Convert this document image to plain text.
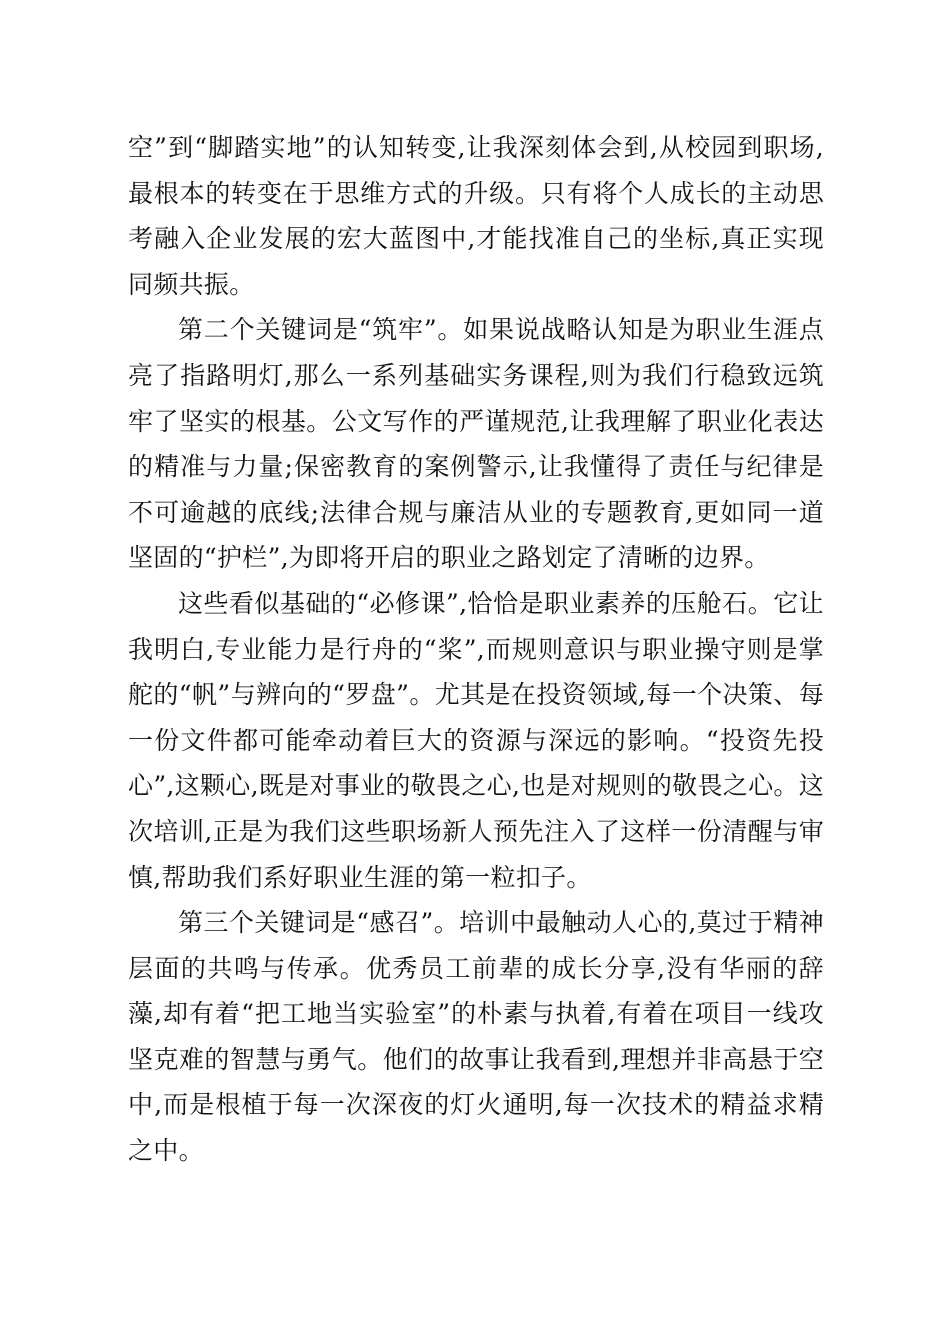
空”到“脚踏实地”的认知转变,让我深刻体会到,从校园到职场,最根本的转变在于思维方式的升级。只有将个人成长的主动思考融入企业发展的宏大蓝图中,才能找准自己的坐标,真正实现同频共振。

第二个关键词是“筑牢”。如果说战略认知是为职业生涯点亮了指路明灯,那么一系列基础实务课程,则为我们行稳致远筑牢了坚实的根基。公文写作的严谨规范,让我理解了职业化表达的精准与力量;保密教育的案例警示,让我懂得了责任与纪律是不可逾越的底线;法律合规与廉洁从业的专题教育,更如同一道坚固的“护栏”,为即将开启的职业之路划定了清晰的边界。

这些看似基础的“必修课”,恰恰是职业素养的压舱石。它让我明白,专业能力是行舟的“桨”,而规则意识与职业操守则是掌舵的“帆”与辨向的“罗盘”。尤其是在投资领域,每一个决策、每一份文件都可能牵动着巨大的资源与深远的影响。“投资先投心”,这颗心,既是对事业的敬畏之心,也是对规则的敬畏之心。这次培训,正是为我们这些职场新人预先注入了这样一份清醒与审慎,帮助我们系好职业生涯的第一粒扣子。

第三个关键词是“感召”。培训中最触动人心的,莫过于精神层面的共鸣与传承。优秀员工前辈的成长分享,没有华丽的辞藻,却有着“把工地当实验室”的朴素与执着,有着在项目一线攻坚克难的智慧与勇气。他们的故事让我看到,理想并非高悬于空中,而是根植于每一次深夜的灯火通明,每一次技术的精益求精之中。
